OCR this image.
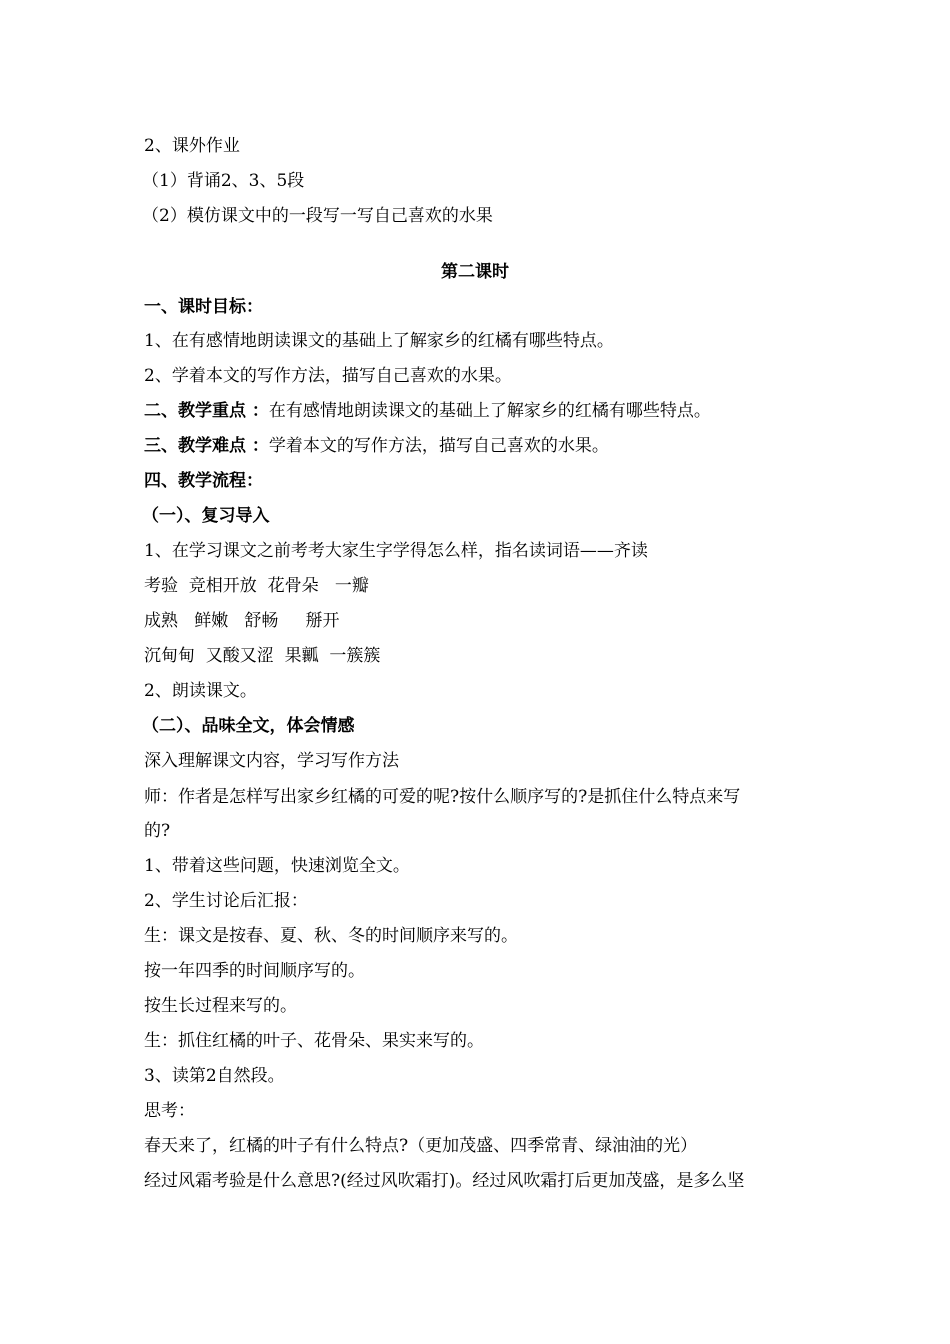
2、课外作业
（1）背诵2、3、5段
（2）模仿课文中的一段写一写自己喜欢的水果
第二课时
一、课时目标：
1、在有感情地朗读课文的基础上了解家乡的红橘有哪些特点。
2、学着本文的写作方法，描写自己喜欢的水果。
二、教学重点 ：在有感情地朗读课文的基础上了解家乡的红橘有哪些特点。
三、教学难点 ：学着本文的写作方法，描写自己喜欢的水果。
四、教学流程：
（一）、复习导入
1、在学习课文之前考考大家生字学得怎么样，指名读词语——齐读
考验  竞相开放  花骨朵   一瓣
成熟   鲜嫩   舒畅     掰开
沉甸甸  又酸又涩  果瓤  一簇簇
2、朗读课文。
（二）、品味全文，体会情感
深入理解课文内容，学习写作方法
师：作者是怎样写出家乡红橘的可爱的呢?按什么顺序写的?是抓住什么特点来写
的?
1、带着这些问题，快速浏览全文。
2、学生讨论后汇报：
生：课文是按春、夏、秋、冬的时间顺序来写的。
按一年四季的时间顺序写的。
按生长过程来写的。
生：抓住红橘的叶子、花骨朵、果实来写的。
3、读第2自然段。
思考：
春天来了，红橘的叶子有什么特点?（更加茂盛、四季常青、绿油油的光）
经过风霜考验是什么意思?(经过风吹霜打)。经过风吹霜打后更加茂盛，是多么坚
